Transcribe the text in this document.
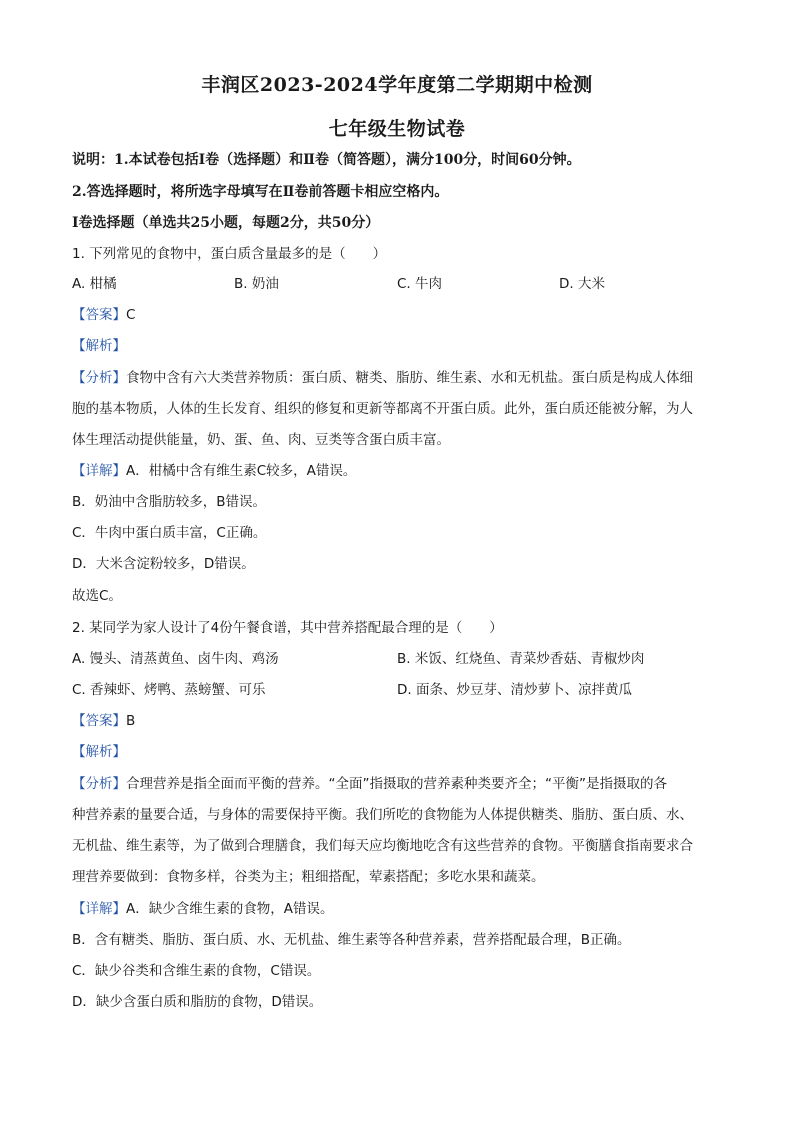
丰润区2023-2024学年度第二学期期中检测
七年级生物试卷
说明：1.本试卷包括Ⅰ卷（选择题）和Ⅱ卷（简答题），满分100分，时间60分钟。
2.答选择题时，将所选字母填写在Ⅱ卷前答题卡相应空格内。
Ⅰ卷选择题（单选共25小题，每题2分，共50分）
1. 下列常见的食物中，蛋白质含量最多的是（　　）
A. 柑橘	B. 奶油	C. 牛肉	D. 大米
【答案】C
【解析】
【分析】食物中含有六大类营养物质：蛋白质、糖类、脂肪、维生素、水和无机盐。蛋白质是构成人体细
胞的基本物质，人体的生长发育、组织的修复和更新等都离不开蛋白质。此外，蛋白质还能被分解，为人
体生理活动提供能量，奶、蛋、鱼、肉、豆类等含蛋白质丰富。
【详解】A．柑橘中含有维生素C较多，A错误。
B．奶油中含脂肪较多，B错误。
C．牛肉中蛋白质丰富，C正确。
D．大米含淀粉较多，D错误。
故选C。
2. 某同学为家人设计了4份午餐食谱，其中营养搭配最合理的是（　　）
A. 馒头、清蒸黄鱼、卤牛肉、鸡汤	B. 米饭、红烧鱼、青菜炒香菇、青椒炒肉
C. 香辣虾、烤鸭、蒸螃蟹、可乐	D. 面条、炒豆芽、清炒萝卜、凉拌黄瓜
【答案】B
【解析】
【分析】合理营养是指全面而平衡的营养。“全面”指摄取的营养素种类要齐全；“平衡”是指摄取的各
种营养素的量要合适，与身体的需要保持平衡。我们所吃的食物能为人体提供糖类、脂肪、蛋白质、水、
无机盐、维生素等，为了做到合理膳食，我们每天应均衡地吃含有这些营养的食物。平衡膳食指南要求合
理营养要做到：食物多样，谷类为主；粗细搭配，荤素搭配；多吃水果和蔬菜。
【详解】A．缺少含维生素的食物，A错误。
B．含有糖类、脂肪、蛋白质、水、无机盐、维生素等各种营养素，营养搭配最合理，B正确。
C．缺少谷类和含维生素的食物，C错误。
D．缺少含蛋白质和脂肪的食物，D错误。
